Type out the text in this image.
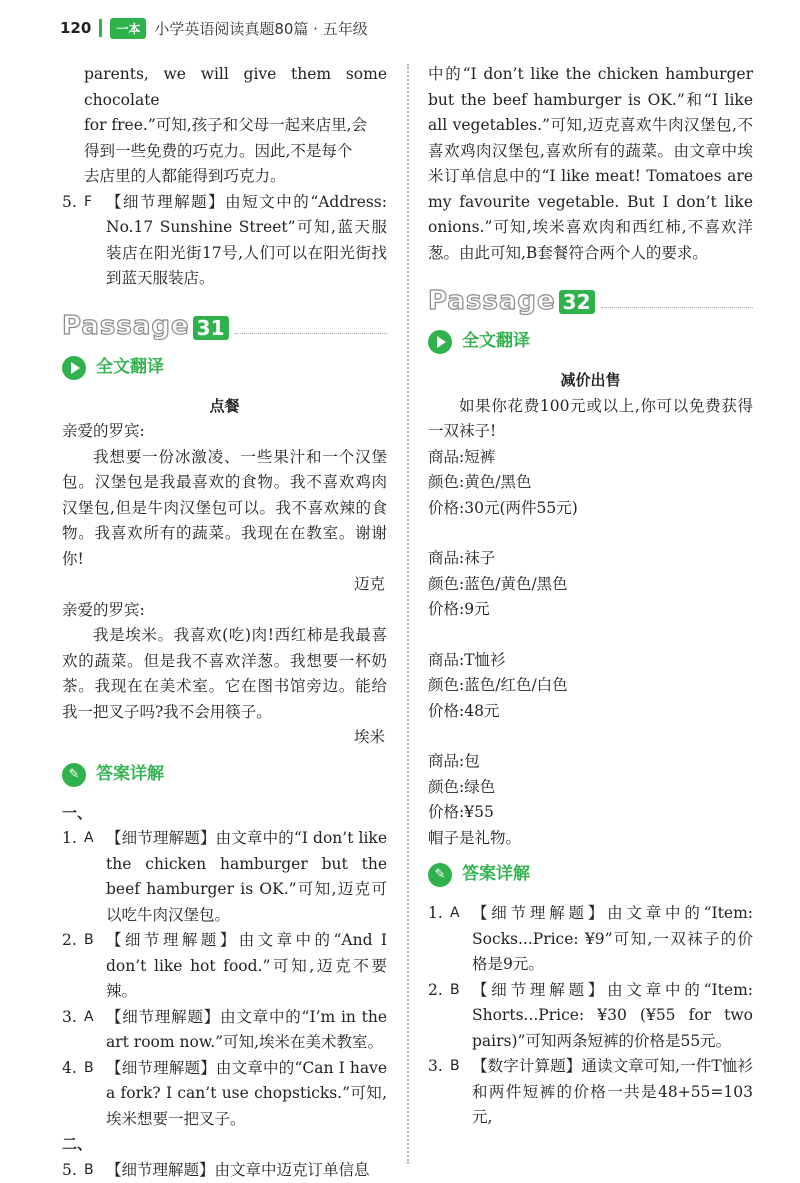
120	一本 小学英语阅读真题80篇 · 五年级

parents, we will give them some chocolate

for free.”可知,孩子和父母一起来店里,会

得到一些免费的巧克力。因此,不是每个

去店里的人都能得到巧克力。

5. F 【细节理解题】由短文中的“Address: No.17 Sunshine Street”可知,蓝天服装店在阳光街17号,人们可以在阳光街找到蓝天服装店。
Passage 31
全文翻译

点餐

亲爱的罗宾:

我想要一份冰激凌、一些果汁和一个汉堡包。汉堡包是我最喜欢的食物。我不喜欢鸡肉汉堡包,但是牛肉汉堡包可以。我不喜欢辣的食物。我喜欢所有的蔬菜。我现在在教室。谢谢你!

迈克

亲爱的罗宾:

我是埃米。我喜欢(吃)肉!西红柿是我最喜欢的蔬菜。但是我不喜欢洋葱。我想要一杯奶茶。我现在在美术室。它在图书馆旁边。能给我一把叉子吗?我不会用筷子。

埃米

✎ 答案详解

一、

1. A 【细节理解题】由文章中的“I don’t like the chicken hamburger but the beef hamburger is OK.”可知,迈克可以吃牛肉汉堡包。
2. B 【细节理解题】由文章中的“And I don’t like hot food.”可知,迈克不要辣。
3. A 【细节理解题】由文章中的“I’m in the art room now.”可知,埃米在美术教室。
4. B 【细节理解题】由文章中的“Can I have a fork? I can’t use chopsticks.”可知,埃米想要一把叉子。

二、

5. B 【细节理解题】由文章中迈克订单信息

中的“I don’t like the chicken hamburger but the beef hamburger is OK.”和“I like all vegetables.”可知,迈克喜欢牛肉汉堡包,不喜欢鸡肉汉堡包,喜欢所有的蔬菜。由文章中埃米订单信息中的“I like meat! Tomatoes are my favourite vegetable. But I don’t like onions.”可知,埃米喜欢肉和西红柿,不喜欢洋葱。由此可知,B套餐符合两个人的要求。

Passage 32
全文翻译

减价出售

如果你花费100元或以上,你可以免费获得一双袜子!

商品:短裤

颜色:黄色/黑色

价格:30元(两件55元)

商品:袜子

颜色:蓝色/黄色/黑色

价格:9元

商品:T恤衫

颜色:蓝色/红色/白色

价格:48元

商品:包

颜色:绿色

价格:¥55

帽子是礼物。

✎ 答案详解
1. A 【细节理解题】由文章中的“Item: Socks...Price: ¥9”可知,一双袜子的价格是9元。
2. B 【细节理解题】由文章中的“Item: Shorts...Price: ¥30 (¥55 for two pairs)”可知两条短裤的价格是55元。
3. B 【数字计算题】通读文章可知,一件T恤衫和两件短裤的价格一共是48+55=103元,
